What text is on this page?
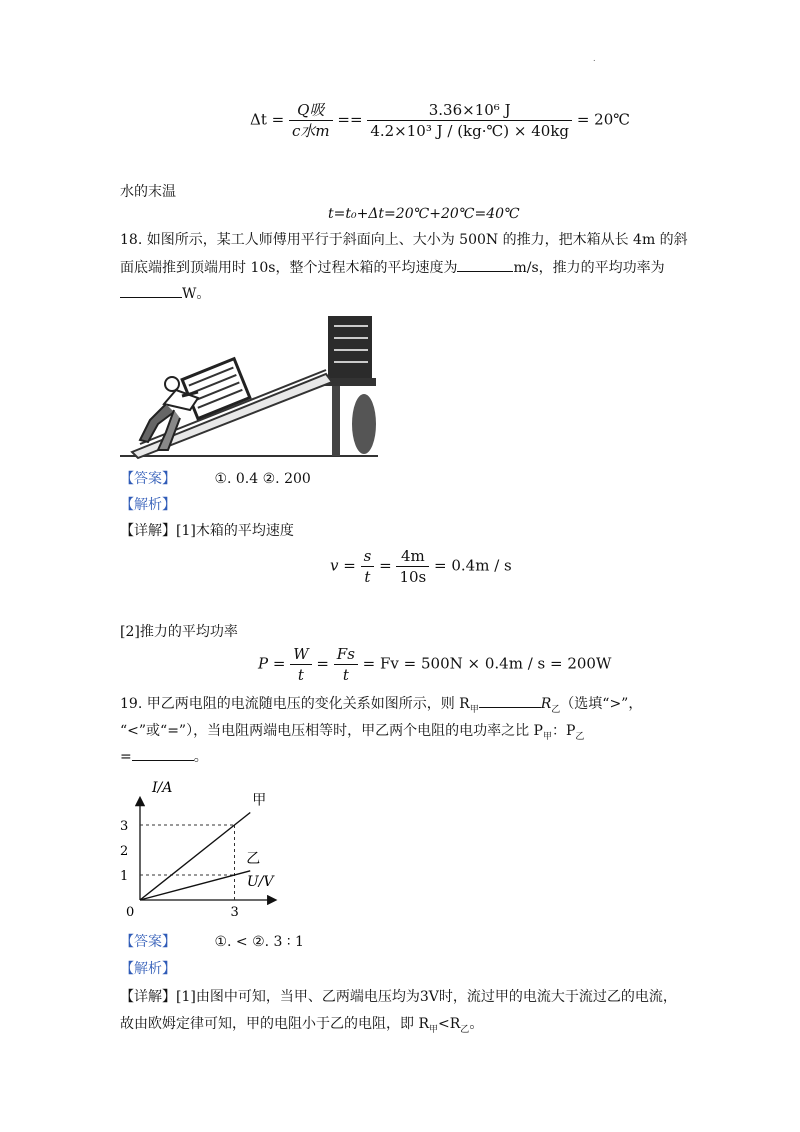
.
$\Delta t = \frac{\text{Q吸}}{\text{c水m}} == \frac{\text{3.36×10⁶ J}}{\text{4.2×10³ J / (kg·℃) × 40kg}}$ = 20℃
水的末温
t=t₀+Δt=20℃+20℃=40℃
18. 如图所示，某工人师傅用平行于斜面向上、大小为 500N 的推力，把木箱从长 4m 的斜
面底端推到顶端用时 10s，整个过程木箱的平均速度为	m/s，推力的平均功率为
W。
【答案】	①. 0.4 ②. 200
【解析】
【详解】[1]木箱的平均速度
$v = \frac{s}{t} = \frac{4m}{10s} = 0.4m / s$
[2]推力的平均功率
$P = \frac{W}{t} = \frac{Fs}{t} = Fv = 500N \times 0.4m / s = 200W$
19. 甲乙两电阻的电流随电压的变化关系如图所示，则 $R_甲$	$R_乙$（选填“>”，
“<”或“=”），当电阻两端电压相等时，甲乙两个电阻的电功率之比 $P_甲$：$P_乙$
=	。
I/A
U/V
0	3
1
2
3
甲
乙
【答案】	①. < ②. 3 ∶ 1
【解析】
【详解】[1]由图中可知，当甲、乙两端电压均为3V时，流过甲的电流大于流过乙的电流，
故由欧姆定律可知，甲的电阻小于乙的电阻，即 $R_甲<R_乙$。
